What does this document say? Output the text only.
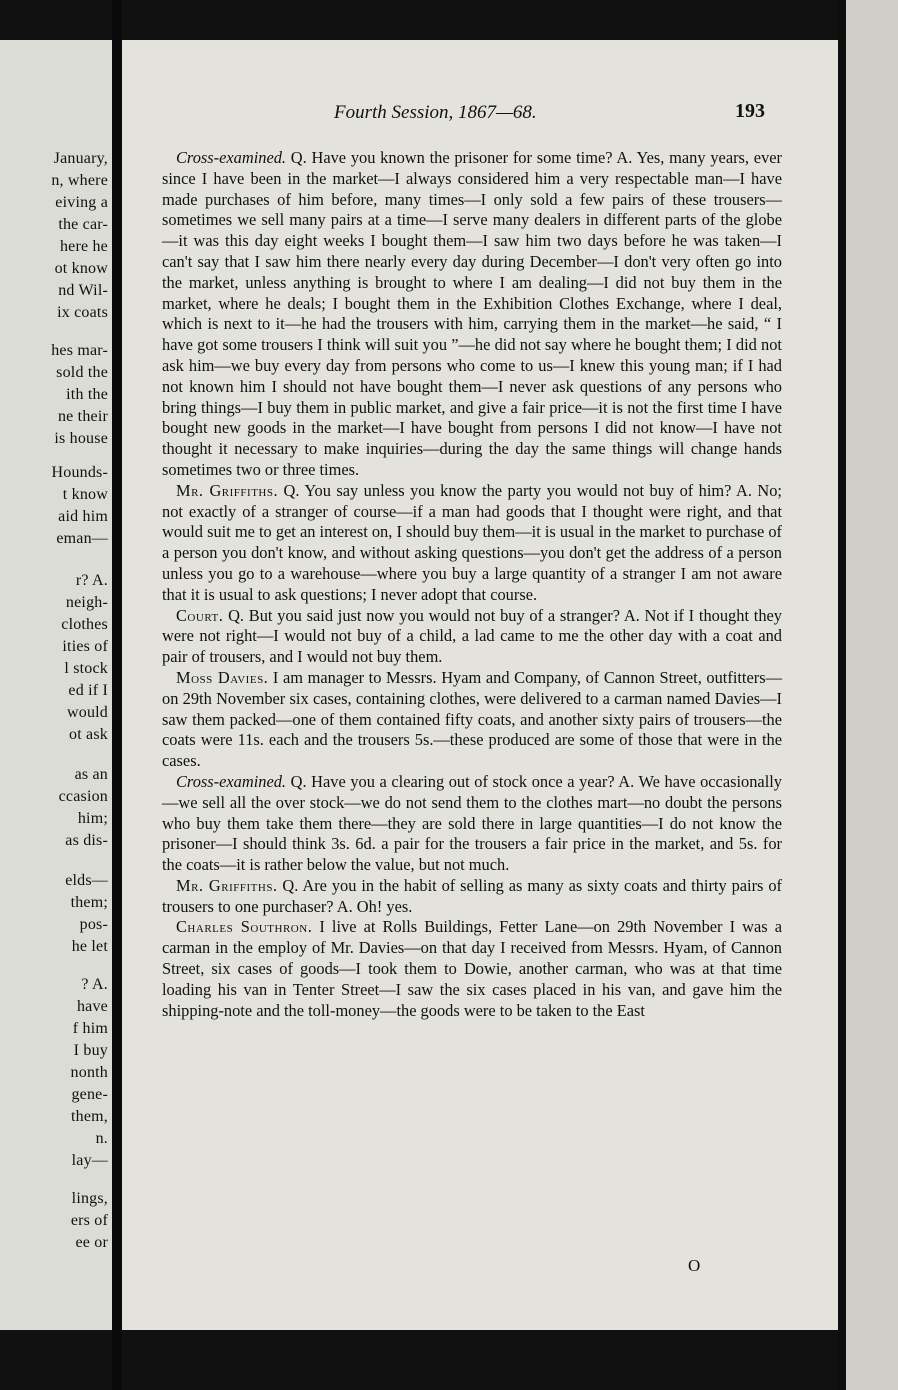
January,
n, where
eiving a
the car-
here he
ot know
nd Wil-
ix coats
hes mar-
sold the
ith the
ne their
is house
Hounds-
t know
aid him
eman—
r? A.
neigh-
clothes
ities of
l stock
ed if I
would
ot ask
as an
ccasion
him;
as dis-
elds—
them;
pos-
he let
? A.
have
f him
I buy
nonth
gene-
them,
n.
lay—
lings,
ers of
ee or
Fourth Session, 1867—68.	193

Cross-examined. Q. Have you known the prisoner for some time? A. Yes, many years, ever since I have been in the market—I always considered him a very respectable man—I have made purchases of him before, many times—I only sold a few pairs of these trousers—sometimes we sell many pairs at a time—I serve many dealers in different parts of the globe—it was this day eight weeks I bought them—I saw him two days before he was taken—I can't say that I saw him there nearly every day during December—I don't very often go into the market, unless anything is brought to where I am dealing—I did not buy them in the market, where he deals; I bought them in the Exhibition Clothes Exchange, where I deal, which is next to it—he had the trousers with him, carrying them in the market—he said, “ I have got some trousers I think will suit you ”—he did not say where he bought them; I did not ask him—we buy every day from persons who come to us—I knew this young man; if I had not known him I should not have bought them—I never ask questions of any persons who bring things—I buy them in public market, and give a fair price—it is not the first time I have bought new goods in the market—I have bought from persons I did not know—I have not thought it necessary to make inquiries—during the day the same things will change hands sometimes two or three times.

Mr. Griffiths. Q. You say unless you know the party you would not buy of him? A. No; not exactly of a stranger of course—if a man had goods that I thought were right, and that would suit me to get an interest on, I should buy them—it is usual in the market to purchase of a person you don't know, and without asking questions—you don't get the address of a person unless you go to a warehouse—where you buy a large quantity of a stranger I am not aware that it is usual to ask questions; I never adopt that course.

Court. Q. But you said just now you would not buy of a stranger? A. Not if I thought they were not right—I would not buy of a child, a lad came to me the other day with a coat and pair of trousers, and I would not buy them.

Moss Davies. I am manager to Messrs. Hyam and Company, of Cannon Street, outfitters—on 29th November six cases, containing clothes, were delivered to a carman named Davies—I saw them packed—one of them contained fifty coats, and another sixty pairs of trousers—the coats were 11s. each and the trousers 5s.—these produced are some of those that were in the cases.

Cross-examined. Q. Have you a clearing out of stock once a year? A. We have occasionally—we sell all the over stock—we do not send them to the clothes mart—no doubt the persons who buy them take them there—they are sold there in large quantities—I do not know the prisoner—I should think 3s. 6d. a pair for the trousers a fair price in the market, and 5s. for the coats—it is rather below the value, but not much.

Mr. Griffiths. Q. Are you in the habit of selling as many as sixty coats and thirty pairs of trousers to one purchaser? A. Oh! yes.

Charles Southron. I live at Rolls Buildings, Fetter Lane—on 29th November I was a carman in the employ of Mr. Davies—on that day I received from Messrs. Hyam, of Cannon Street, six cases of goods—I took them to Dowie, another carman, who was at that time loading his van in Tenter Street—I saw the six cases placed in his van, and gave him the shipping-note and the toll-money—the goods were to be taken to the East

O
